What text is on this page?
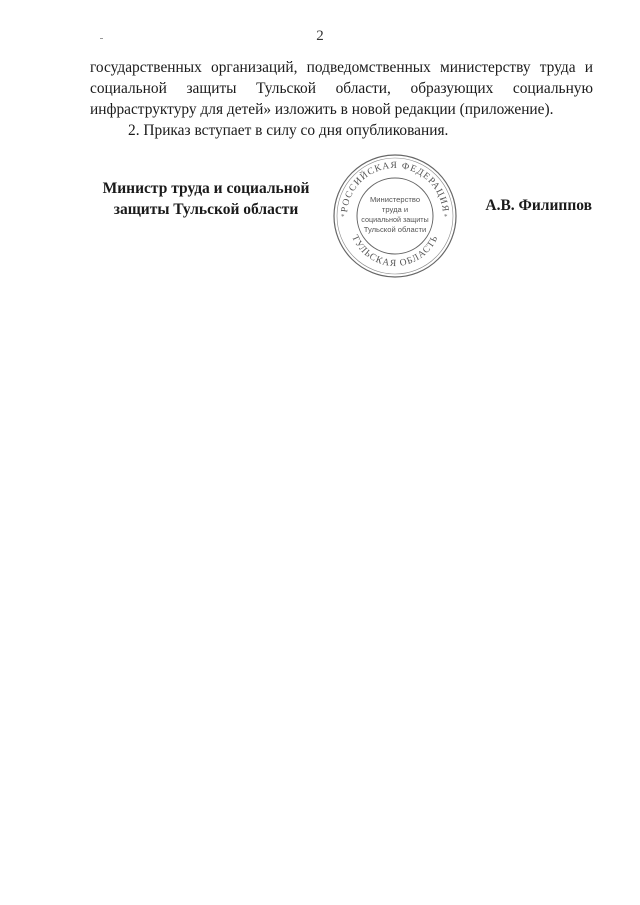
2
государственных организаций, подведомственных министерству труда и
социальной защиты Тульской области, образующих социальную
инфраструктуру для детей» изложить в новой редакции (приложение).
2. Приказ вступает в силу со дня опубликования.
Министр труда и социальной
защиты Тульской области	РОССИЙСКАЯ ФЕДЕРАЦИЯ
ТУЛЬСКАЯ ОБЛАСТЬ
*	*
Министерство
труда и
социальной защиты
Тульской области
А.В. Филиппов
